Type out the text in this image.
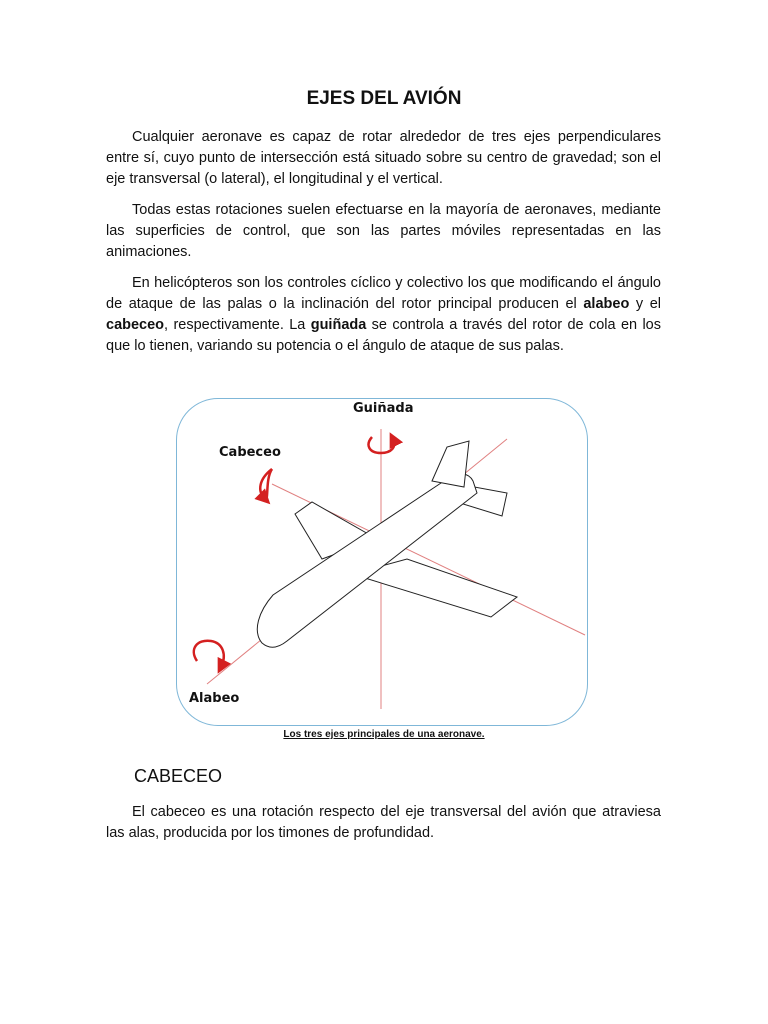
EJES DEL AVIÓN

Cualquier aeronave es capaz de rotar alrededor de tres ejes perpendiculares entre sí, cuyo punto de intersección está situado sobre su centro de gravedad; son el eje transversal (o lateral), el longitudinal y el vertical.

Todas estas rotaciones suelen efectuarse en la mayoría de aeronaves, mediante las superficies de control, que son las partes móviles representadas en las animaciones.

En helicópteros son los controles cíclico y colectivo los que modificando el ángulo de ataque de las palas o la inclinación del rotor principal producen el alabeo y el cabeceo, respectivamente. La guiñada se controla a través del rotor de cola en los que lo tienen, variando su potencia o el ángulo de ataque de sus palas.

Guiñada
Cabeceo
Alabeo

Los tres ejes principales de una aeronave.

CABECEO

El cabeceo es una rotación respecto del eje transversal del avión que atraviesa las alas, producida por los timones de profundidad.
